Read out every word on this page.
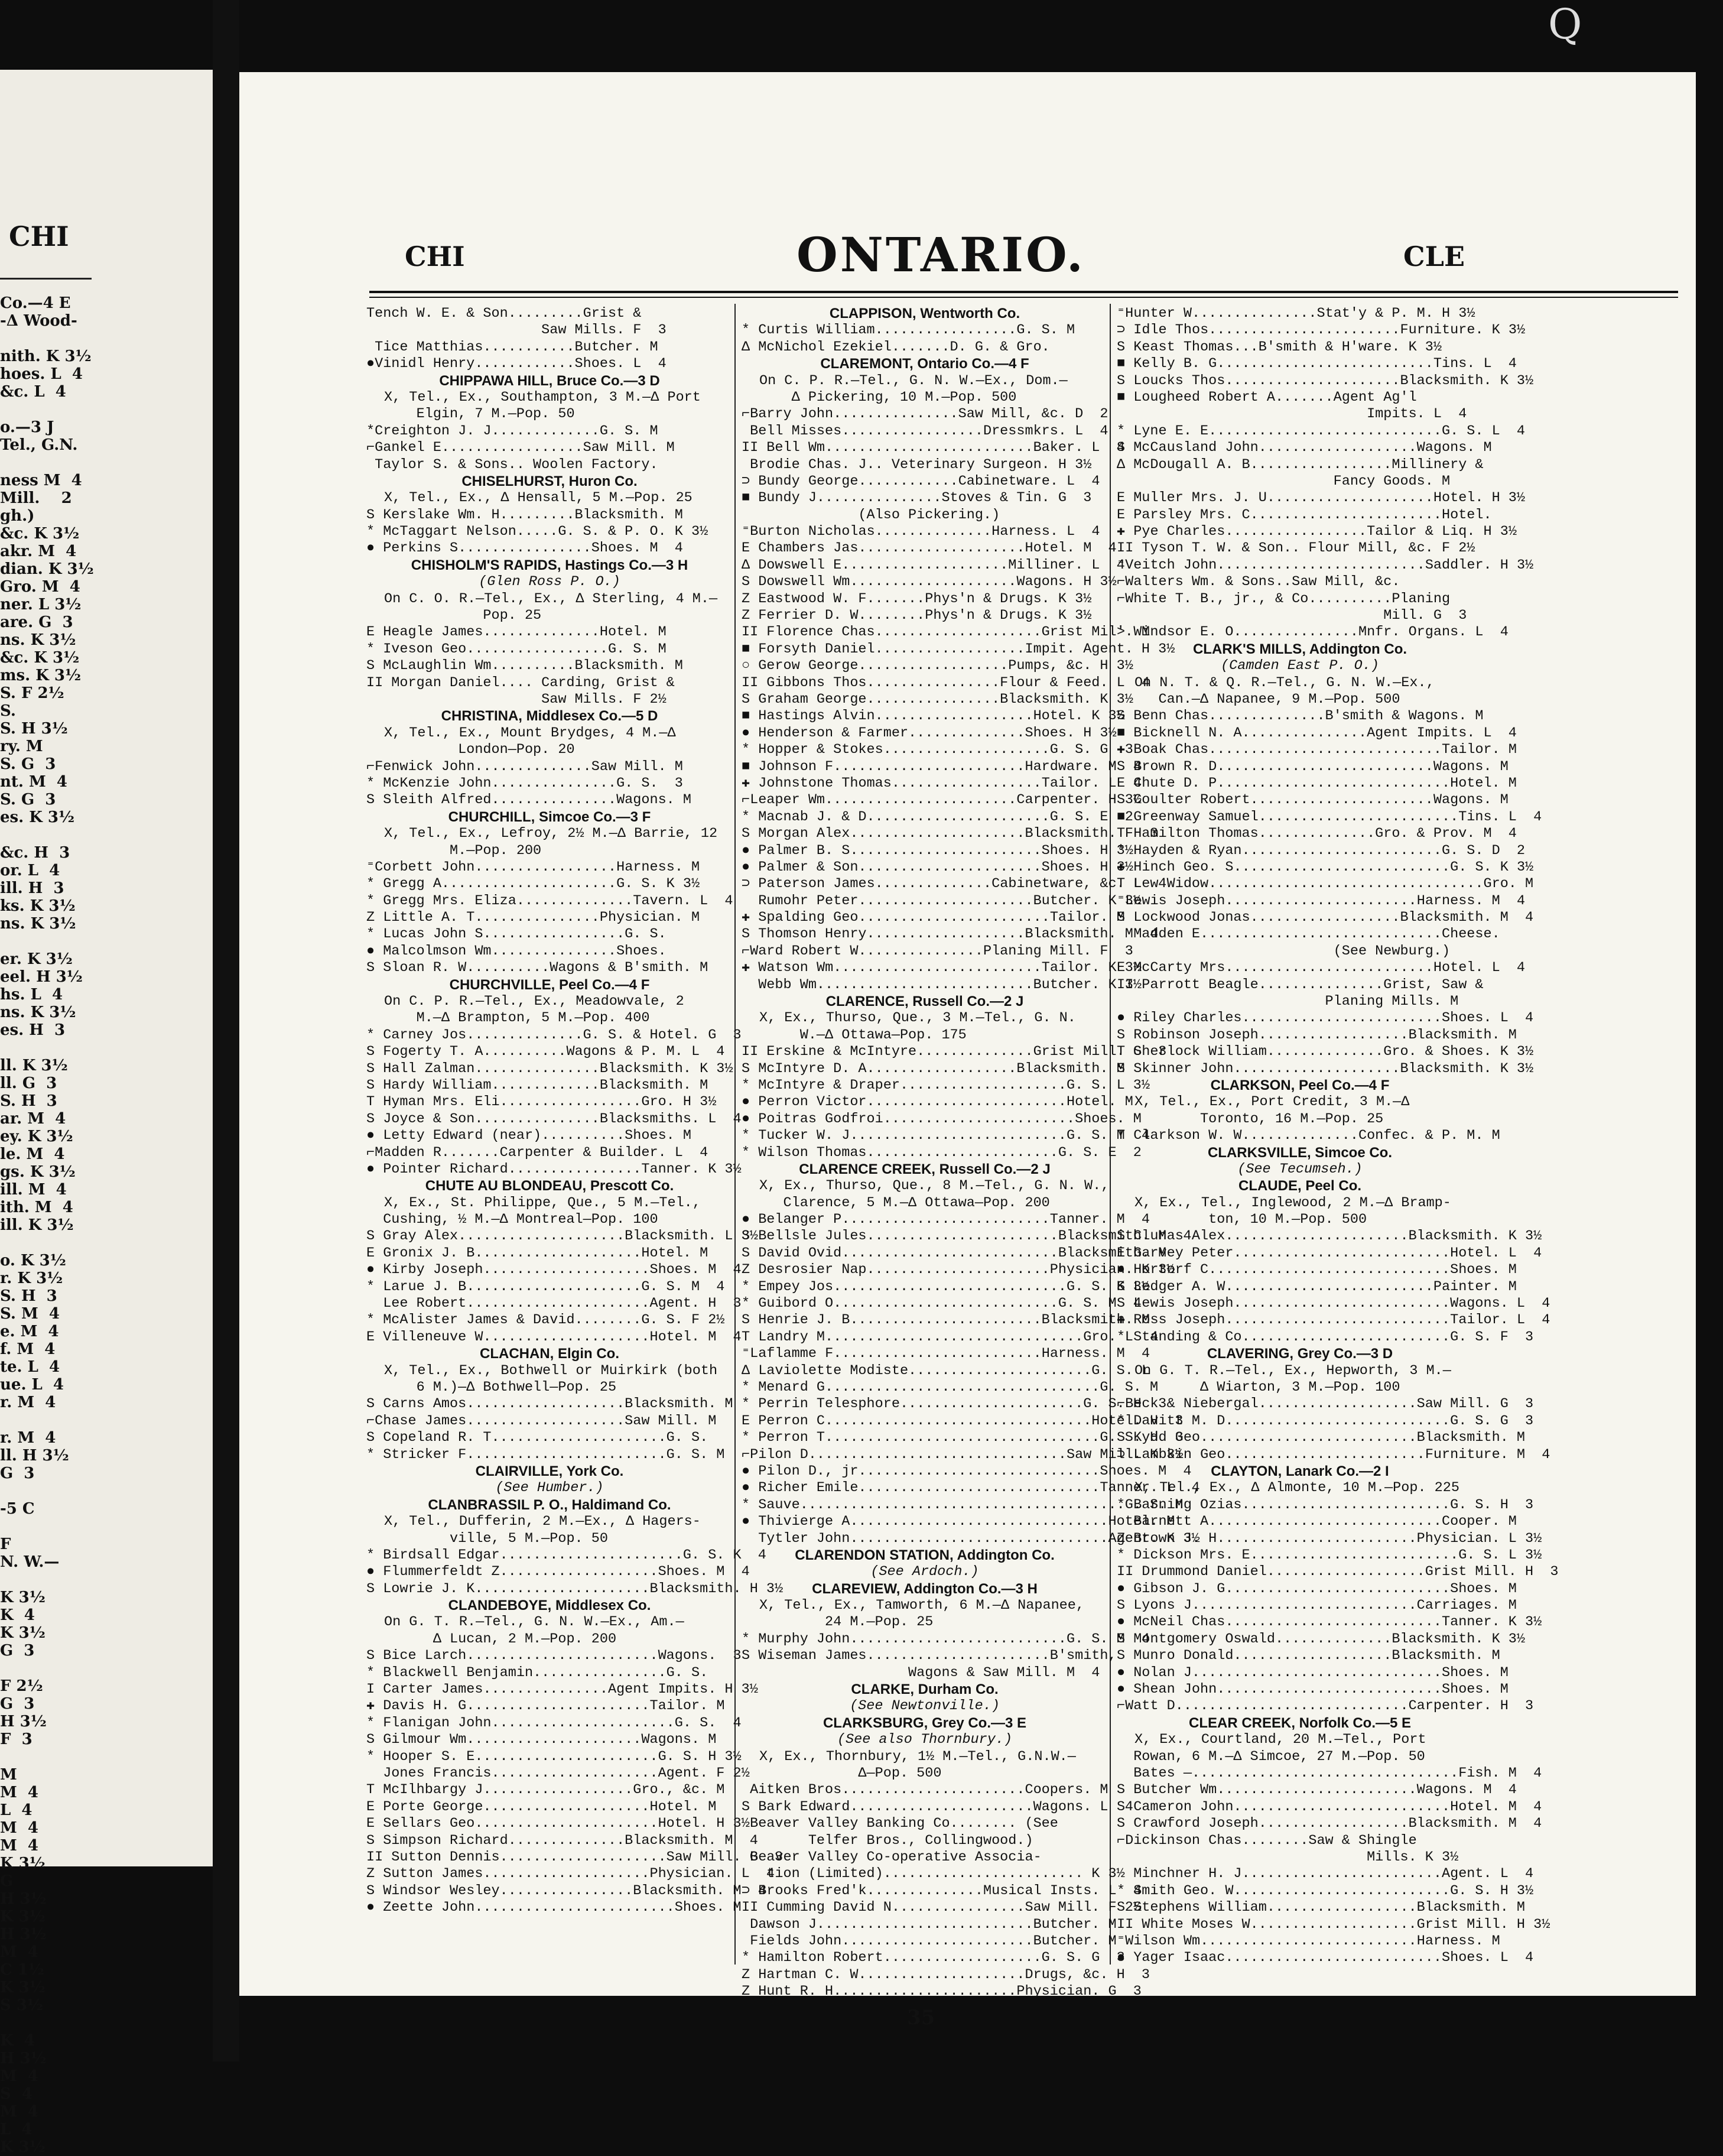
CHI
Co.—4 E
-Δ Wood-

nith. K 3½
hoes. L  4
&c. L  4

o.—3 J
Tel., G.N.

ness M  4
Mill.    2
gh.)
&c. K 3½
akr. M  4
dian. K 3½
Gro. M  4
ner. L 3½
are. G  3
ns. K 3½
&c. K 3½
ms. K 3½
S. F 2½
S.
S. H 3½
ry. M
S. G  3
nt. M  4
S. G  3
es. K 3½

&c. H  3
or. L  4
ill. H  3
ks. K 3½
ns. K 3½

er. K 3½
eel. H 3½
hs. L  4
ns. K 3½
es. H  3

ll. K 3½
ll. G  3
S. H  3
ar. M  4
ey. K 3½
le. M  4
gs. K 3½
ill. M  4
ith. M  4
ill. K 3½

o. K 3½
r. K 3½
S. H  3
S. M  4
e. M  4
f. M  4
te. L  4
ue. L  4
r. M  4

r. M  4
ll. H 3½
G  3

-5 C

F
N. W.—

K 3½
K  4
K 3½
G  3

F 2½
G  3
H 3½
F  3

M
M  4
L  4
M  4
M  4
K 3½
G
H 3½
K 3½
H 3½
M  4
C 1½
K 3½
S 3½

K  4
H 3½
M  4
S  4
M  4
L  4
K 3½
Q
CHI	ONTARIO.	CLE
Tench W. E. & Son.........Grist &
Saw Mills. F  3
Tice Matthias...........Butcher. M
●Vinidl Henry............Shoes. L  4
CHIPPAWA HILL, Bruce Co.—3 D
X, Tel., Ex., Southampton, 3 M.—Δ Port
Elgin, 7 M.—Pop. 50
*Creighton J. J.............G. S. M
⌐Gankel E.................Saw Mill. M
Taylor S. & Sons.. Woolen Factory.
CHISELHURST, Huron Co.
X, Tel., Ex., Δ Hensall, 5 M.—Pop. 25
S Kerslake Wm. H.........Blacksmith. M
* McTaggart Nelson.....G. S. & P. O. K 3½
● Perkins S................Shoes. M  4
CHISHOLM'S RAPIDS, Hastings Co.—3 H
(Glen Ross P. O.)
On C. O. R.—Tel., Ex., Δ Sterling, 4 M.—
Pop. 25
E Heagle James..............Hotel. M
* Iveson Geo.................G. S. M
S McLaughlin Wm..........Blacksmith. M
II Morgan Daniel.... Carding, Grist &
Saw Mills. F 2½
CHRISTINA, Middlesex Co.—5 D
X, Tel., Ex., Mount Brydges, 4 M.—Δ
London—Pop. 20
⌐Fenwick John..............Saw Mill. M
* McKenzie John...............G. S.  3
S Sleith Alfred...............Wagons. M
CHURCHILL, Simcoe Co.—3 F
X, Tel., Ex., Lefroy, 2½ M.—Δ Barrie, 12
M.—Pop. 200
⁼Corbett John.................Harness. M
* Gregg A.....................G. S. K 3½
* Gregg Mrs. Eliza..............Tavern. L  4
Z Little A. T...............Physician. M
* Lucas John S.................G. S.
● Malcolmson Wm...............Shoes.
S Sloan R. W..........Wagons & B'smith. M
CHURCHVILLE, Peel Co.—4 F
On C. P. R.—Tel., Ex., Meadowvale, 2
M.—Δ Brampton, 5 M.—Pop. 400
* Carney Jos..............G. S. & Hotel. G  3
S Fogerty T. A..........Wagons & P. M. L  4
S Hall Zalman...............Blacksmith. K 3½
S Hardy William.............Blacksmith. M
T Hyman Mrs. Eli.................Gro. H 3½
S Joyce & Son...............Blacksmiths. L  4
● Letty Edward (near)..........Shoes. M
⌐Madden R.......Carpenter & Builder. L  4
● Pointer Richard................Tanner. K 3½
CHUTE AU BLONDEAU, Prescott Co.
X, Ex., St. Philippe, Que., 5 M.—Tel.,
Cushing, ½ M.—Δ Montreal—Pop. 100
S Gray Alex....................Blacksmith. L 3½
E Gronix J. B....................Hotel. M
● Kirby Joseph....................Shoes. M  4
* Larue J. B.....................G. S. M  4
Lee Robert......................Agent. H  3
* McAlister James & David........G. S. F 2½
E Villeneuve W....................Hotel. M  4
CLACHAN, Elgin Co.
X, Tel., Ex., Bothwell or Muirkirk (both
6 M.)—Δ Bothwell—Pop. 25
S Carns Amos...................Blacksmith. M
⌐Chase James...................Saw Mill. M
S Copeland R. T.....................G. S.
* Stricker F........................G. S. M
CLAIRVILLE, York Co.
(See Humber.)
CLANBRASSIL P. O., Haldimand Co.
X, Tel., Dufferin, 2 M.—Ex., Δ Hagers-
ville, 5 M.—Pop. 50
* Birdsall Edgar......................G. S. K  4
● Flummerfeldt Z...................Shoes. M  4
S Lowrie J. K.....................Blacksmith. H 3½
CLANDEBOYE, Middlesex Co.
On G. T. R.—Tel., G. N. W.—Ex., Am.—
Δ Lucan, 2 M.—Pop. 200
S Bice Larch.......................Wagons.  3
* Blackwell Benjamin................G. S.
I Carter James...............Agent Impits. H 3½
✚ Davis H. G......................Tailor. M
* Flanigan John......................G. S.  4
S Gilmour Wm.....................Wagons. M
* Hooper S. E......................G. S. H 3½
Jones Francis....................Agent. F 2½
T McIlhbargy J..................Gro., &c. M
E Porte George....................Hotel. M
E Sellars Geo......................Hotel. H 3½
S Simpson Richard..............Blacksmith. M  4
II Sutton Dennis....................Saw Mill. G  3
Z Sutton James....................Physician. L  4
S Windsor Wesley................Blacksmith. M  4
● Zeette John........................Shoes. M
CLAPPISON, Wentworth Co.
* Curtis William.................G. S. M
Δ McNichol Ezekiel.......D. G. & Gro.
CLAREMONT, Ontario Co.—4 F
On C. P. R.—Tel., G. N. W.—Ex., Dom.—
Δ Pickering, 10 M.—Pop. 500
⌐Barry John...............Saw Mill, &c. D  2
Bell Misses.................Dressmkrs. L  4
II Bell Wm.........................Baker. L  4
Brodie Chas. J.. Veterinary Surgeon. H 3½
⊃ Bundy George............Cabinetware. L  4
■ Bundy J...............Stoves & Tin. G  3
(Also Pickering.)
⁼Burton Nicholas..............Harness. L  4
E Chambers Jas....................Hotel. M  4
Δ Dowswell E....................Milliner. L  4
S Dowswell Wm....................Wagons. H 3½
Z Eastwood W. F.......Phys'n & Drugs. K 3½
Z Ferrier D. W........Phys'n & Drugs. K 3½
II Florence Chas....................Grist Mil'. M
■ Forsyth Daniel..................Impit. Agent. H 3½
○ Gerow George..................Pumps, &c. H 3½
II Gibbons Thos................Flour & Feed. L  4
S Graham George................Blacksmith. K 3½
■ Hastings Alvin...................Hotel. K 3½
● Henderson & Farmer..............Shoes. H 3½
* Hopper & Stokes....................G. S. G  3
■ Johnson F.......................Hardware. M  4
✚ Johnstone Thomas..................Tailor. L  4
⌐Leaper Wm.......................Carpenter. H 3½
* Macnab J. & D......................G. S. E  2
S Morgan Alex.....................Blacksmith. F  3
● Palmer B. S.......................Shoes. H 3½
● Palmer & Son......................Shoes. H 3½
⊃ Paterson James..............Cabinetware, &c. L  4
Rumohr Peter.....................Butcher. K 3½
✚ Spalding Geo.......................Tailor. M
S Thomson Henry...................Blacksmith. M  4
⌐Ward Robert W...............Planing Mill. F  3
✚ Watson Wm.........................Tailor. K 3½
Webb Wm..........................Butcher. K 3½
CLARENCE, Russell Co.—2 J
X, Ex., Thurso, Que., 3 M.—Tel., G. N.
W.—Δ Ottawa—Pop. 175
II Erskine & McIntyre..............Grist Mill. G  3
S McIntyre D. A..................Blacksmith. M
* McIntyre & Draper....................G. S. L 3½
● Perron Victor........................Hotel. M
● Poitras Godfroi.......................Shoes. M
* Tucker W. J..........................G. S. M  4
* Wilson Thomas.......................G. S. E  2
CLARENCE CREEK, Russell Co.—2 J
X, Ex., Thurso, Que., 8 M.—Tel., G. N. W.,
Clarence, 5 M.—Δ Ottawa—Pop. 200
● Belanger P.........................Tanner. M  4
S Bellsle Jules.......................Blacksmith. M  4
S David Ovid..........................Blacksmith. M
Z Desrosier Nap......................Physician. K 3½
* Empey Jos............................G. S. K 3½
* Guibord O...........................G. S. M  4
S Henrie J. B.......................Blacksmith. M
T Landry M...............................Gro. L  4
⁼Laflamme F.........................Harness. M  4
Δ Laviolette Modiste......................G. S. L
* Menard G.................................G. S. M
* Perrin Telesphore......................G. S. H  3
E Perron C................................Hotel. H  3
* Perron T.................................G. S. H  3
⌐Pilon D...............................Saw Mill. K 3½
● Pilon D., jr.............................Shoes. M  4
● Richer Emile.............................Tanner. L  4
* Sauve.......................................G. S. M
● Thivierge A...............................Hotel. M
Tytler John...............................Agent. K 3½
CLARENDON STATION, Addington Co.
(See Ardoch.)
CLAREVIEW, Addington Co.—3 H
X, Tel., Ex., Tamworth, 6 M.—Δ Napanee,
24 M.—Pop. 25
* Murphy John..........................G. S. M  4
S Wiseman James......................B'smith,
Wagons & Saw Mill. M  4
CLARKE, Durham Co.
(See Newtonville.)
CLARKSBURG, Grey Co.—3 E
(See also Thornbury.)
X, Ex., Thornbury, 1½ M.—Tel., G.N.W.—
Δ—Pop. 500
Aitken Bros......................Coopers. M
S Bark Edward......................Wagons. L  4
Beaver Valley Banking Co........ (See
Telfer Bros., Collingwood.)
Beaver Valley Co-operative Associa-
tion (Limited)........................ K 3½
⊃ Brooks Fred'k..............Musical Insts. L  4
II Cumming David N................Saw Mill. F 2½
Dawson J..........................Butcher. M
Fields John.......................Butcher. M
* Hamilton Robert...................G. S. G  3
Z Hartman C. W....................Drugs, &c. H  3
Z Hunt R. H......................Physician. G  3
⁼Hunter W...............Stat'y & P. M. H 3½
⊃ Idle Thos.......................Furniture. K 3½
S Keast Thomas...B'smith & H'ware. K 3½
■ Kelly B. G..........................Tins. L  4
S Loucks Thos.....................Blacksmith. K 3½
■ Lougheed Robert A.......Agent Ag'l
Impits. L  4
* Lyne E. E............................G. S. L  4
S McCausland John...................Wagons. M
Δ McDougall A. B.................Millinery &
Fancy Goods. M
E Muller Mrs. J. U....................Hotel. H 3½
E Parsley Mrs. C.......................Hotel.
✚ Pye Charles.................Tailor & Liq. H 3½
II Tyson T. W. & Son.. Flour Mill, &c. F 2½
⁼Veitch John.........................Saddler. H 3½
⌐Walters Wm. & Sons..Saw Mill, &c.
⌐White T. B., jr., & Co..........Planing
Mill. G  3
> Windsor E. O...............Mnfr. Organs. L  4
CLARK'S MILLS, Addington Co.
(Camden East P. O.)
On N. T. & Q. R.—Tel., G. N. W.—Ex.,
Can.—Δ Napanee, 9 M.—Pop. 500
S Benn Chas..............B'smith & Wagons. M
■ Bicknell N. A...............Agent Impits. L  4
✚ Boak Chas............................Tailor. M
S Brown R. D..........................Wagons. M
E Chute D. P............................Hotel. M
S Coulter Robert......................Wagons. M
■ Greenway Samuel........................Tins. L  4
T Hamilton Thomas..............Gro. & Prov. M  4
* Hayden & Ryan........................G. S. D  2
✚ Hinch Geo. S..........................G. S. K 3½
T Lew Widow.................................Gro. M
⁼Lewis Joseph.......................Harness. M  4
S Lockwood Jonas..................Blacksmith. M  4
Madden E.............................Cheese.
(See Newburg.)
E McCarty Mrs.........................Hotel. L  4
II Parrott Beagle...............Grist, Saw &
Planing Mills. M
● Riley Charles........................Shoes. L  4
S Robinson Joseph..................Blacksmith. M
T Sherlock William..............Gro. & Shoes. K 3½
S Skinner John....................Blacksmith. K 3½
CLARKSON, Peel Co.—4 F
X, Tel., Ex., Port Credit, 3 M.—Δ
Toronto, 16 M.—Pop. 25
T Clarkson W. W..............Confec. & P. M. M
CLARKSVILLE, Simcoe Co.
(See Tecumseh.)
CLAUDE, Peel Co.
X, Ex., Tel., Inglewood, 2 M.—Δ Bramp-
ton, 10 M.—Pop. 500
S Clunas Alex......................Blacksmith. K 3½
E Garvey Peter..........................Hotel. L  4
● Hortorf C.............................Shoes. M
S Ledger A. W.........................Painter. M
S Lewis Joseph..........................Wagons. L  4
✚ Ross Joseph...........................Tailor. L  4
* Standing & Co.........................G. S. F  3
CLAVERING, Grey Co.—3 D
On G. T. R.—Tel., Ex., Hepworth, 3 M.—
Δ Wiarton, 3 M.—Pop. 100
⌐Beck & Niebergal...................Saw Mill. G  3
* Davitt M. D...........................G. S. G  3
S Kydd Geo..........................Blacksmith. M
⊃ Lambkin Geo........................Furniture. M  4
CLAYTON, Lanark Co.—2 I
X, Tel., Ex., Δ Almonte, 10 M.—Pop. 225
* Barning Ozias.........................G. S. H  3
Barnett A............................Cooper. M
Z Brown J. H........................Physician. L 3½
* Dickson Mrs. E.........................G. S. L 3½
II Drummond Daniel...................Grist Mill. H  3
● Gibson J. G...........................Shoes. M
S Lyons J...........................Carriages. M
● McNeil Chas..........................Tanner. K 3½
S Montgomery Oswald..............Blacksmith. K 3½
S Munro Donald...................Blacksmith. M
● Nolan J..............................Shoes. M
● Shean John...........................Shoes. M
⌐Watt D............................Carpenter. H  3
CLEAR CREEK, Norfolk Co.—5 E
X, Ex., Courtland, 20 M.—Tel., Port
Rowan, 6 M.—Δ Simcoe, 27 M.—Pop. 50
Bates —................................Fish. M  4
S Butcher Wm........................Wagons. M  4
S Cameron John..........................Hotel. M  4
S Crawford Joseph..................Blacksmith. M  4
⌐Dickinson Chas........Saw & Shingle
Mills. K 3½
Minchner H. J........................Agent. L  4
* Smith Geo. W..........................G. S. H 3½
S Stephens William..................Blacksmith. M
II White Moses W....................Grist Mill. H 3½
⁼Wilson Wm..........................Harness. M
● Yager Isaac..........................Shoes. L  4
35
